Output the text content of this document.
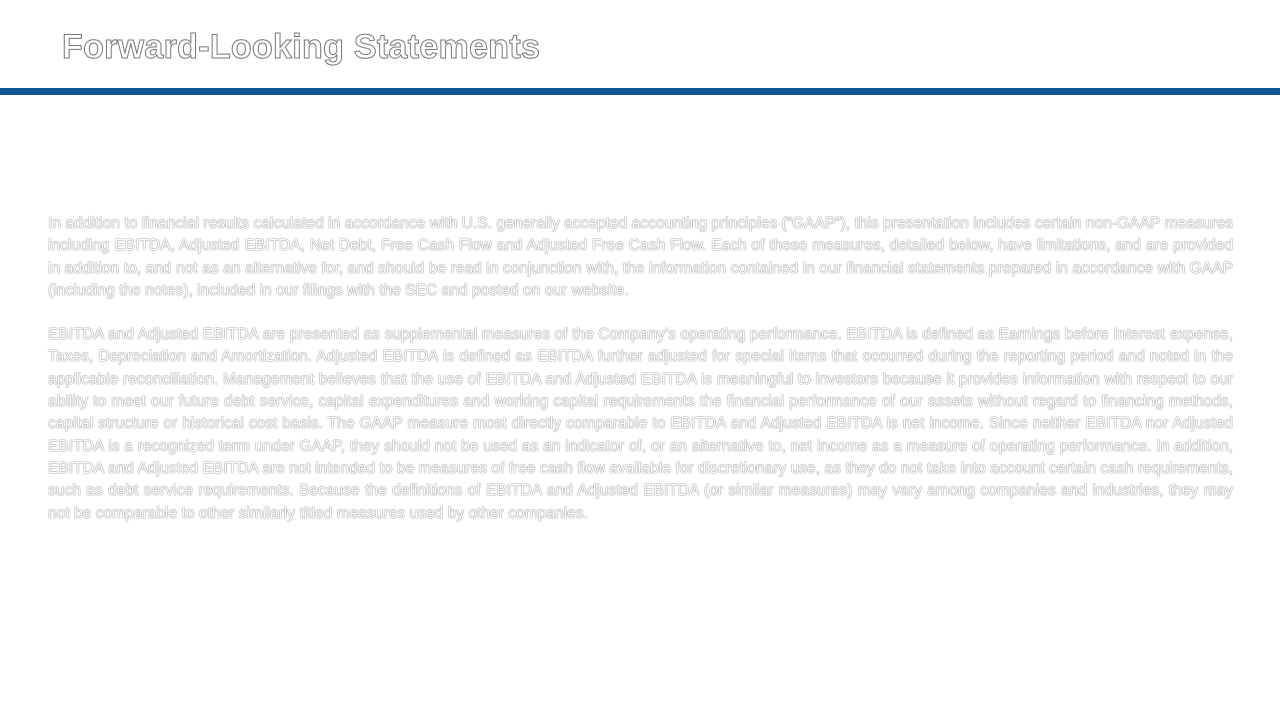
Forward-Looking Statements

In addition to financial results calculated in accordance with U.S. generally accepted accounting principles (“GAAP”), this presentation includes certain non-GAAP measures including EBITDA, Adjusted EBITDA, Net Debt, Free Cash Flow and Adjusted Free Cash Flow. Each of these measures, detailed below, have limitations, and are provided in addition to, and not as an alternative for, and should be read in conjunction with, the information contained in our financial statements prepared in accordance with GAAP (including the notes), included in our filings with the SEC and posted on our website.

EBITDA and Adjusted EBITDA are presented as supplemental measures of the Company’s operating performance. EBITDA is defined as Earnings before Interest expense, Taxes, Depreciation and Amortization. Adjusted EBITDA is defined as EBITDA further adjusted for special items that occurred during the reporting period and noted in the applicable reconciliation. Management believes that the use of EBITDA and Adjusted EBITDA is meaningful to investors because it provides information with respect to our ability to meet our future debt service, capital expenditures and working capital requirements the financial performance of our assets without regard to financing methods, capital structure or historical cost basis. The GAAP measure most directly comparable to EBITDA and Adjusted EBITDA is net income. Since neither EBITDA nor Adjusted EBITDA is a recognized term under GAAP, they should not be used as an indicator of, or an alternative to, net income as a measure of operating performance. In addition, EBITDA and Adjusted EBITDA are not intended to be measures of free cash flow available for discretionary use, as they do not take into account certain cash requirements, such as debt service requirements. Because the definitions of EBITDA and Adjusted EBITDA (or similar measures) may vary among companies and industries, they may not be comparable to other similarly titled measures used by other companies.
